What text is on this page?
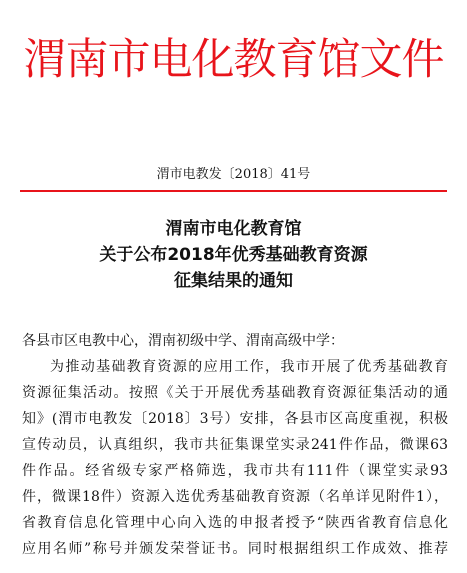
渭南市电化教育馆文件
渭市电教发〔2018〕41号
渭南市电化教育馆
关于公布2018年优秀基础教育资源
征集结果的通知
各县市区电教中心，渭南初级中学、渭南高级中学：
为推动基础教育资源的应用工作，我市开展了优秀基础教育
资源征集活动。按照《关于开展优秀基础教育资源征集活动的通
知》(渭市电教发〔2018〕3号）安排，各县市区高度重视，积极
宣传动员，认真组织，我市共征集课堂实录241件作品，微课63
件作品。经省级专家严格筛选，我市共有111件（课堂实录93
件，微课18件）资源入选优秀基础教育资源（名单详见附件1），
省教育信息化管理中心向入选的申报者授予“陕西省教育信息化
应用名师”称号并颁发荣誉证书。同时根据组织工作成效、推荐
